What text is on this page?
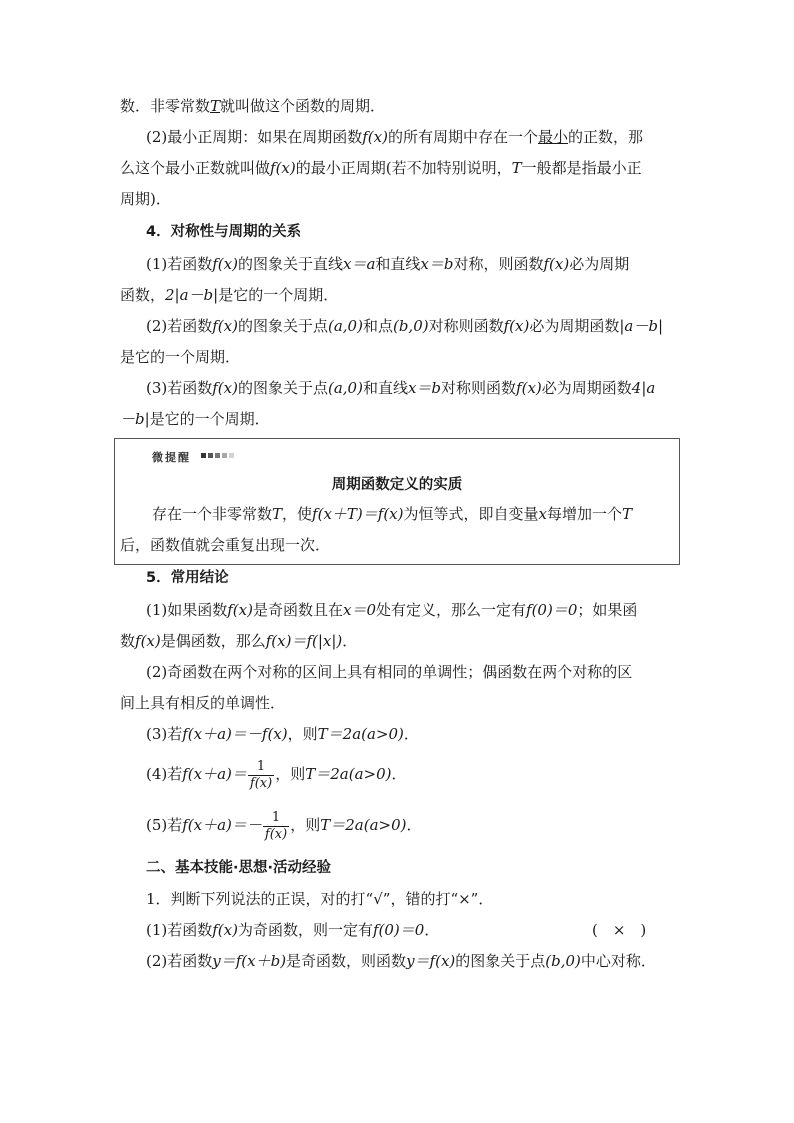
数．非零常数T就叫做这个函数的周期．
(2)最小正周期：如果在周期函数f(x)的所有周期中存在一个最小的正数，那
么这个最小正数就叫做f(x)的最小正周期(若不加特别说明，T一般都是指最小正
周期)．
4．对称性与周期的关系
(1)若函数f(x)的图象关于直线x＝a和直线x＝b对称，则函数f(x)必为周期
函数，2|a－b|是它的一个周期．
(2)若函数f(x)的图象关于点(a,0)和点(b,0)对称则函数f(x)必为周期函数|a－b|
是它的一个周期．
(3)若函数f(x)的图象关于点(a,0)和直线x＝b对称则函数f(x)必为周期函数4|a
－b|是它的一个周期．
微提醒
周期函数定义的实质
存在一个非零常数T，使f(x＋T)＝f(x)为恒等式，即自变量x每增加一个T
后，函数值就会重复出现一次．
5．常用结论
(1)如果函数f(x)是奇函数且在x＝0处有定义，那么一定有f(0)＝0；如果函
数f(x)是偶函数，那么f(x)＝f(|x|)．
(2)奇函数在两个对称的区间上具有相同的单调性；偶函数在两个对称的区
间上具有相反的单调性．
(3)若f(x＋a)＝－f(x)，则T＝2a(a>0)．
(4)若$f(x+a)= \frac{1}{f(x)}$ ，则T＝2a(a>0)．
(5)若$f(x+a)=- \frac{1}{f(x)}$ ，则T＝2a(a>0)．
二、基本技能·思想·活动经验
1．判断下列说法的正误，对的打“√”，错的打“×”．
(1)若函数f(x)为奇函数，则一定有f(0)＝0．	(　×　)
(2)若函数y＝f(x＋b)是奇函数，则函数y＝f(x)的图象关于点(b,0)中心对称．
